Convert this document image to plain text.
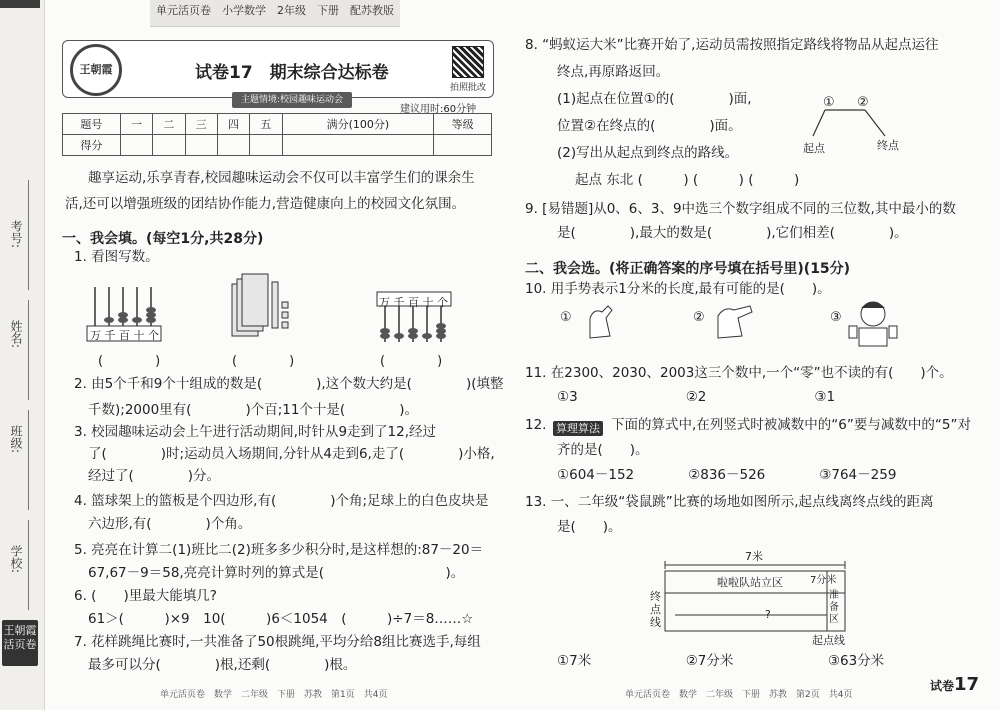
考号:
姓名:
班级:
学校:
王朝霞
活页卷
单元活页卷　小学数学　2年级　下册　配苏教版
王朝霞	试卷17　期末综合达标卷
拍照批改
主题情境:校园趣味运动会
建议用时:60分钟
题号	一	二	三	四	五	满分(100分)	等级
得分							

趣享运动,乐享青春,校园趣味运动会不仅可以丰富学生们的课余生

活,还可以增强班级的团结协作能力,营造健康向上的校园文化氛围。

一、我会填。(每空1分,共28分)

1. 看图写数。

万 千 百 十 个
(　　　　)	(　　　　)
万 千 百 十 个
(　　　　)

2. 由5个千和9个十组成的数是(　　　　),这个数大约是(　　　　)(填整

千数);2000里有(　　　　)个百;11个十是(　　　　)。

3. 校园趣味运动会上午进行活动期间,时针从9走到了12,经过

了(　　　　)时;运动员入场期间,分针从4走到6,走了(　　　　)小格,

经过了(　　　　)分。

4. 篮球架上的篮板是个四边形,有(　　　　)个角;足球上的白色皮块是

六边形,有(　　　　)个角。

5. 亮亮在计算二(1)班比二(2)班多多少积分时,是这样想的:87－20＝

67,67－9＝58,亮亮计算时列的算式是(　　　　　　　　　)。

6. (　　)里最大能填几?

61＞(　　　)×9　10(　　　)6＜1054　(　　　)÷7＝8……☆

7. 花样跳绳比赛时,一共准备了50根跳绳,平均分给8组比赛选手,每组

最多可以分(　　　　)根,还剩(　　　　)根。

单元活页卷　数学　二年级　下册　苏教　第1页　共4页

8. “蚂蚁运大米”比赛开始了,运动员需按照指定路线将物品从起点运往

终点,再原路返回。

(1)起点在位置①的(　　　　)面,

位置②在终点的(　　　　)面。

(2)写出从起点到终点的路线。

起点 东北 (　　　) (　　　) (　　　)

① ②
起点	终点

9. [易错题]从0、6、3、9中选三个数字组成不同的三位数,其中最小的数

是(　　　　),最大的数是(　　　　),它们相差(　　　　)。

二、我会选。(将正确答案的序号填在括号里)(15分)

10. 用手势表示1分米的长度,最有可能的是(　　)。

①	②	③

11. 在2300、2030、2003这三个数中,一个“零”也不读的有(　　)个。

①3　　　　　　　　②2　　　　　　　　③1

12. 算理算法 下面的算式中,在列竖式时被减数中的“6”要与减数中的“5”对

齐的是(　　)。

①604－152　　　　②836－526　　　　③764－259

13. 一、二年级“袋鼠跳”比赛的场地如图所示,起点线离终点线的距离

是(　　)。

7米
啦啦队站立区	7分米
终点线
准备区
?
起点线

①7米　　　　　　　②7分米　　　　　　　③63分米

单元活页卷　数学　二年级　下册　苏教　第2页　共4页
试卷17
